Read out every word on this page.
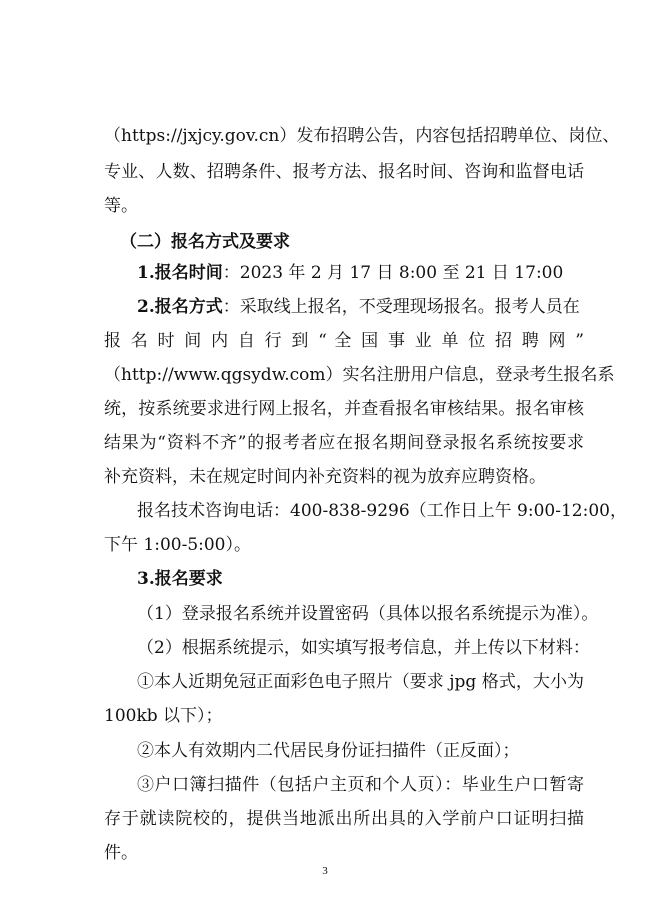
（https://jxjcy.gov.cn）发布招聘公告，内容包括招聘单位、岗位、
专业、人数、招聘条件、报考方法、报名时间、咨询和监督电话
等。
（二）报名方式及要求
1.报名时间：2023 年 2 月 17 日 8:00 至 21 日 17:00
2.报名方式：采取线上报名，不受理现场报名。报考人员在
报 名 时 间 内 自 行 到 “ 全 国 事 业 单 位 招 聘 网 ”
（http://www.qgsydw.com）实名注册用户信息，登录考生报名系
统，按系统要求进行网上报名，并查看报名审核结果。报名审核
结果为“资料不齐”的报考者应在报名期间登录报名系统按要求
补充资料，未在规定时间内补充资料的视为放弃应聘资格。
报名技术咨询电话：400-838-9296（工作日上午 9:00-12:00，
下午 1:00-5:00）。
3.报名要求
（1）登录报名系统并设置密码（具体以报名系统提示为准）。
（2）根据系统提示，如实填写报考信息，并上传以下材料：
①本人近期免冠正面彩色电子照片（要求 jpg 格式，大小为
100kb 以下）；
②本人有效期内二代居民身份证扫描件（正反面）；
③户口簿扫描件（包括户主页和个人页）：毕业生户口暂寄
存于就读院校的，提供当地派出所出具的入学前户口证明扫描
件。
3
